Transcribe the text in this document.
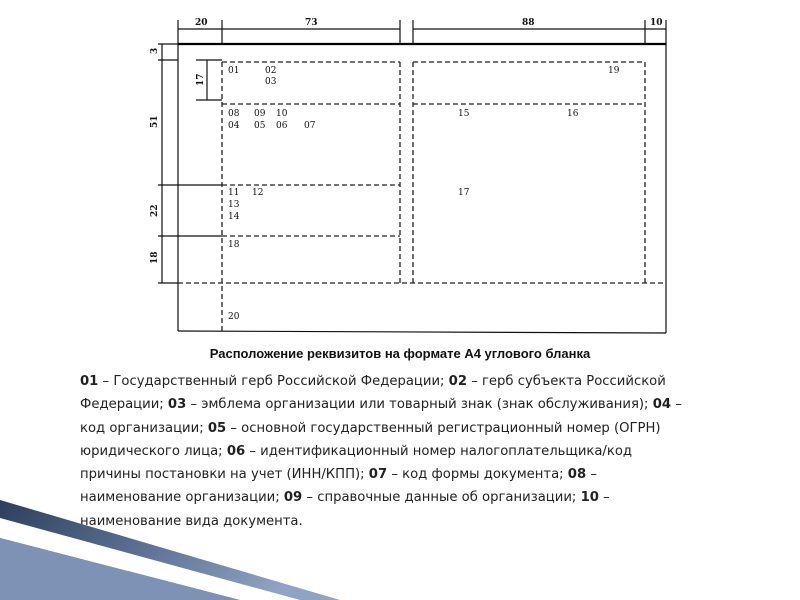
20	73	88	10
3
17
51
22
18
01	02
03
08 09 10
04 05 06 07
11 12
13
14
18
20
19
15	16
17
Расположение реквизитов на формате А4 углового бланка
01 – Государственный герб Российской Федерации; 02 – герб субъекта Российской
Федерации; 03 – эмблема организации или товарный знак (знак обслуживания); 04 –
код организации; 05 – основной государственный регистрационный номер (ОГРН)
юридического лица; 06 – идентификационный номер налогоплательщика/код
причины постановки на учет (ИНН/КПП); 07 – код формы документа; 08 –
наименование организации; 09 – справочные данные об организации; 10 –
наименование вида документа.
